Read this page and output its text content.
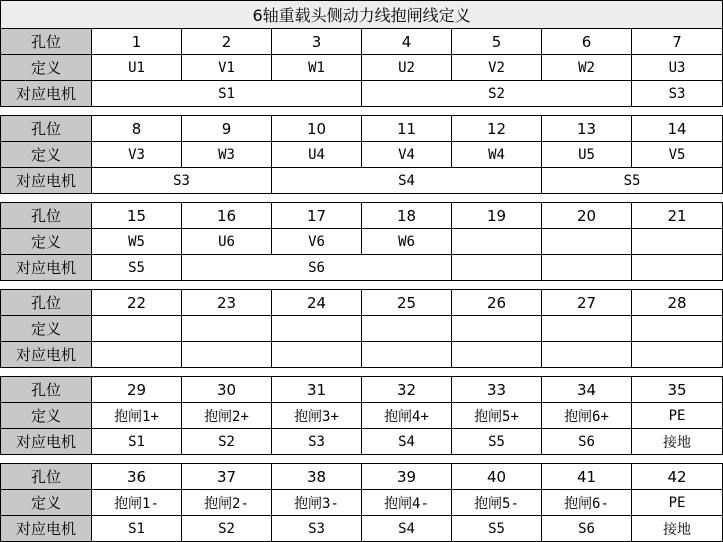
6轴重载头侧动力线抱闸线定义							
孔位	1	2	3	4	5	6	7
定义	U1	V1	W1	U2	V2	W2	U3
对应电机	S1			S2			S3

孔位	8	9	10	11	12	13	14
定义	V3	W3	U4	V4	W4	U5	V5
对应电机	S3		S4			S5	

孔位	15	16	17	18	19	20	21
定义	W5	U6	V6	W6			
对应电机	S5	S6					

孔位	22	23	24	25	26	27	28
定义							
对应电机							

孔位	29	30	31	32	33	34	35
定义	抱闸1+	抱闸2+	抱闸3+	抱闸4+	抱闸5+	抱闸6+	PE
对应电机	S1	S2	S3	S4	S5	S6	接地

孔位	36	37	38	39	40	41	42
定义	抱闸1-	抱闸2-	抱闸3-	抱闸4-	抱闸5-	抱闸6-	PE
对应电机	S1	S2	S3	S4	S5	S6	接地
